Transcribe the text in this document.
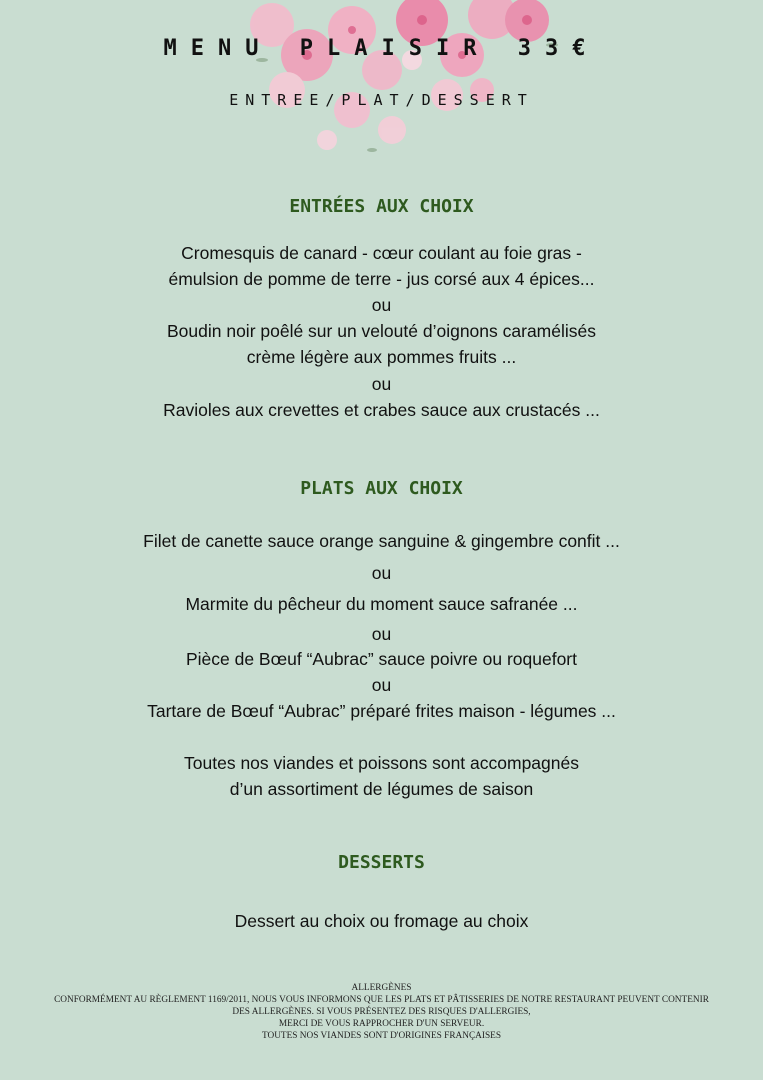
MENU PLAISIR 33€
ENTREE/PLAT/DESSERT
ENTRÉES AUX CHOIX
Cromesquis de canard - cœur coulant au foie gras -
émulsion de pomme de terre - jus corsé aux 4 épices...
ou
Boudin noir poêlé sur un velouté d’oignons caramélisés
crème légère aux pommes fruits ...
ou
Ravioles aux crevettes et crabes sauce aux crustacés ...
PLATS AUX CHOIX
Filet de canette sauce orange sanguine & gingembre confit ...
ou
Marmite du pêcheur du moment sauce safranée ...
ou
Pièce de Bœuf “Aubrac” sauce poivre ou roquefort
ou
Tartare de Bœuf “Aubrac” préparé frites maison - légumes ...
Toutes nos viandes et poissons sont accompagnés
d’un assortiment de légumes de saison
DESSERTS
Dessert au choix ou fromage au choix
ALLERGÈNES
CONFORMÉMENT AU RÈGLEMENT 1169/2011, NOUS VOUS INFORMONS QUE LES PLATS ET PÂTISSERIES DE NOTRE RESTAURANT PEUVENT CONTENIR
DES ALLERGÈNES. SI VOUS PRÉSENTEZ DES RISQUES D'ALLERGIES,
MERCI DE VOUS RAPPROCHER D'UN SERVEUR.
TOUTES NOS VIANDES SONT D'ORIGINES FRANÇAISES
